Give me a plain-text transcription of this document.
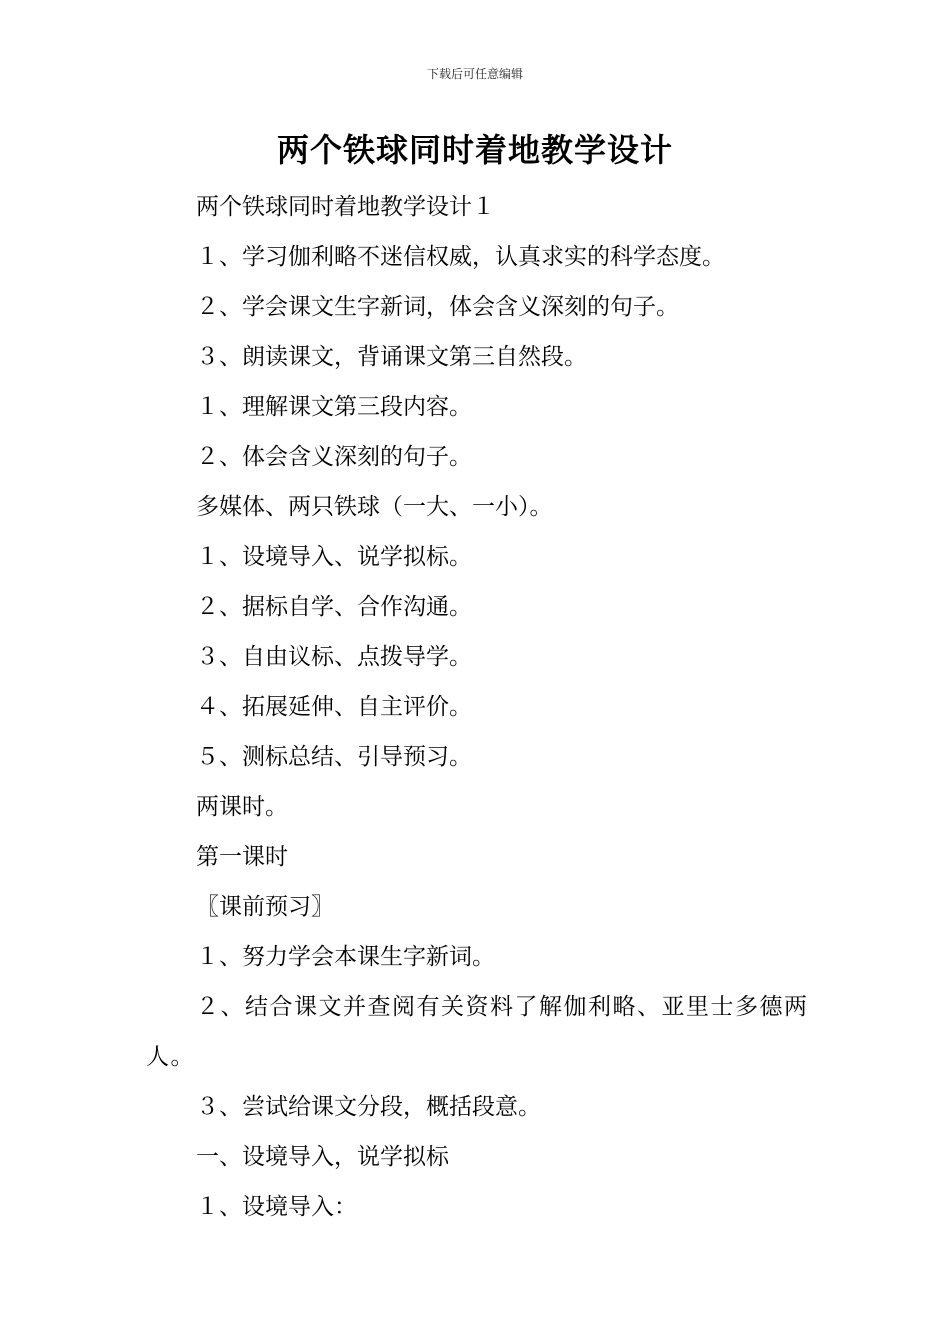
下载后可任意编辑
两个铁球同时着地教学设计
两个铁球同时着地教学设计１
１、学习伽利略不迷信权威，认真求实的科学态度。
２、学会课文生字新词，体会含义深刻的句子。
３、朗读课文，背诵课文第三自然段。
１、理解课文第三段内容。
２、体会含义深刻的句子。
多媒体、两只铁球（一大、一小）。
１、设境导入、说学拟标。
２、据标自学、合作沟通。
３、自由议标、点拨导学。
４、拓展延伸、自主评价。
５、测标总结、引导预习。
两课时。
第一课时
〖课前预习〗
１、努力学会本课生字新词。
２、结合课文并查阅有关资料了解伽利略、亚里士多德两人。
３、尝试给课文分段，概括段意。
一、设境导入，说学拟标
１、设境导入：
